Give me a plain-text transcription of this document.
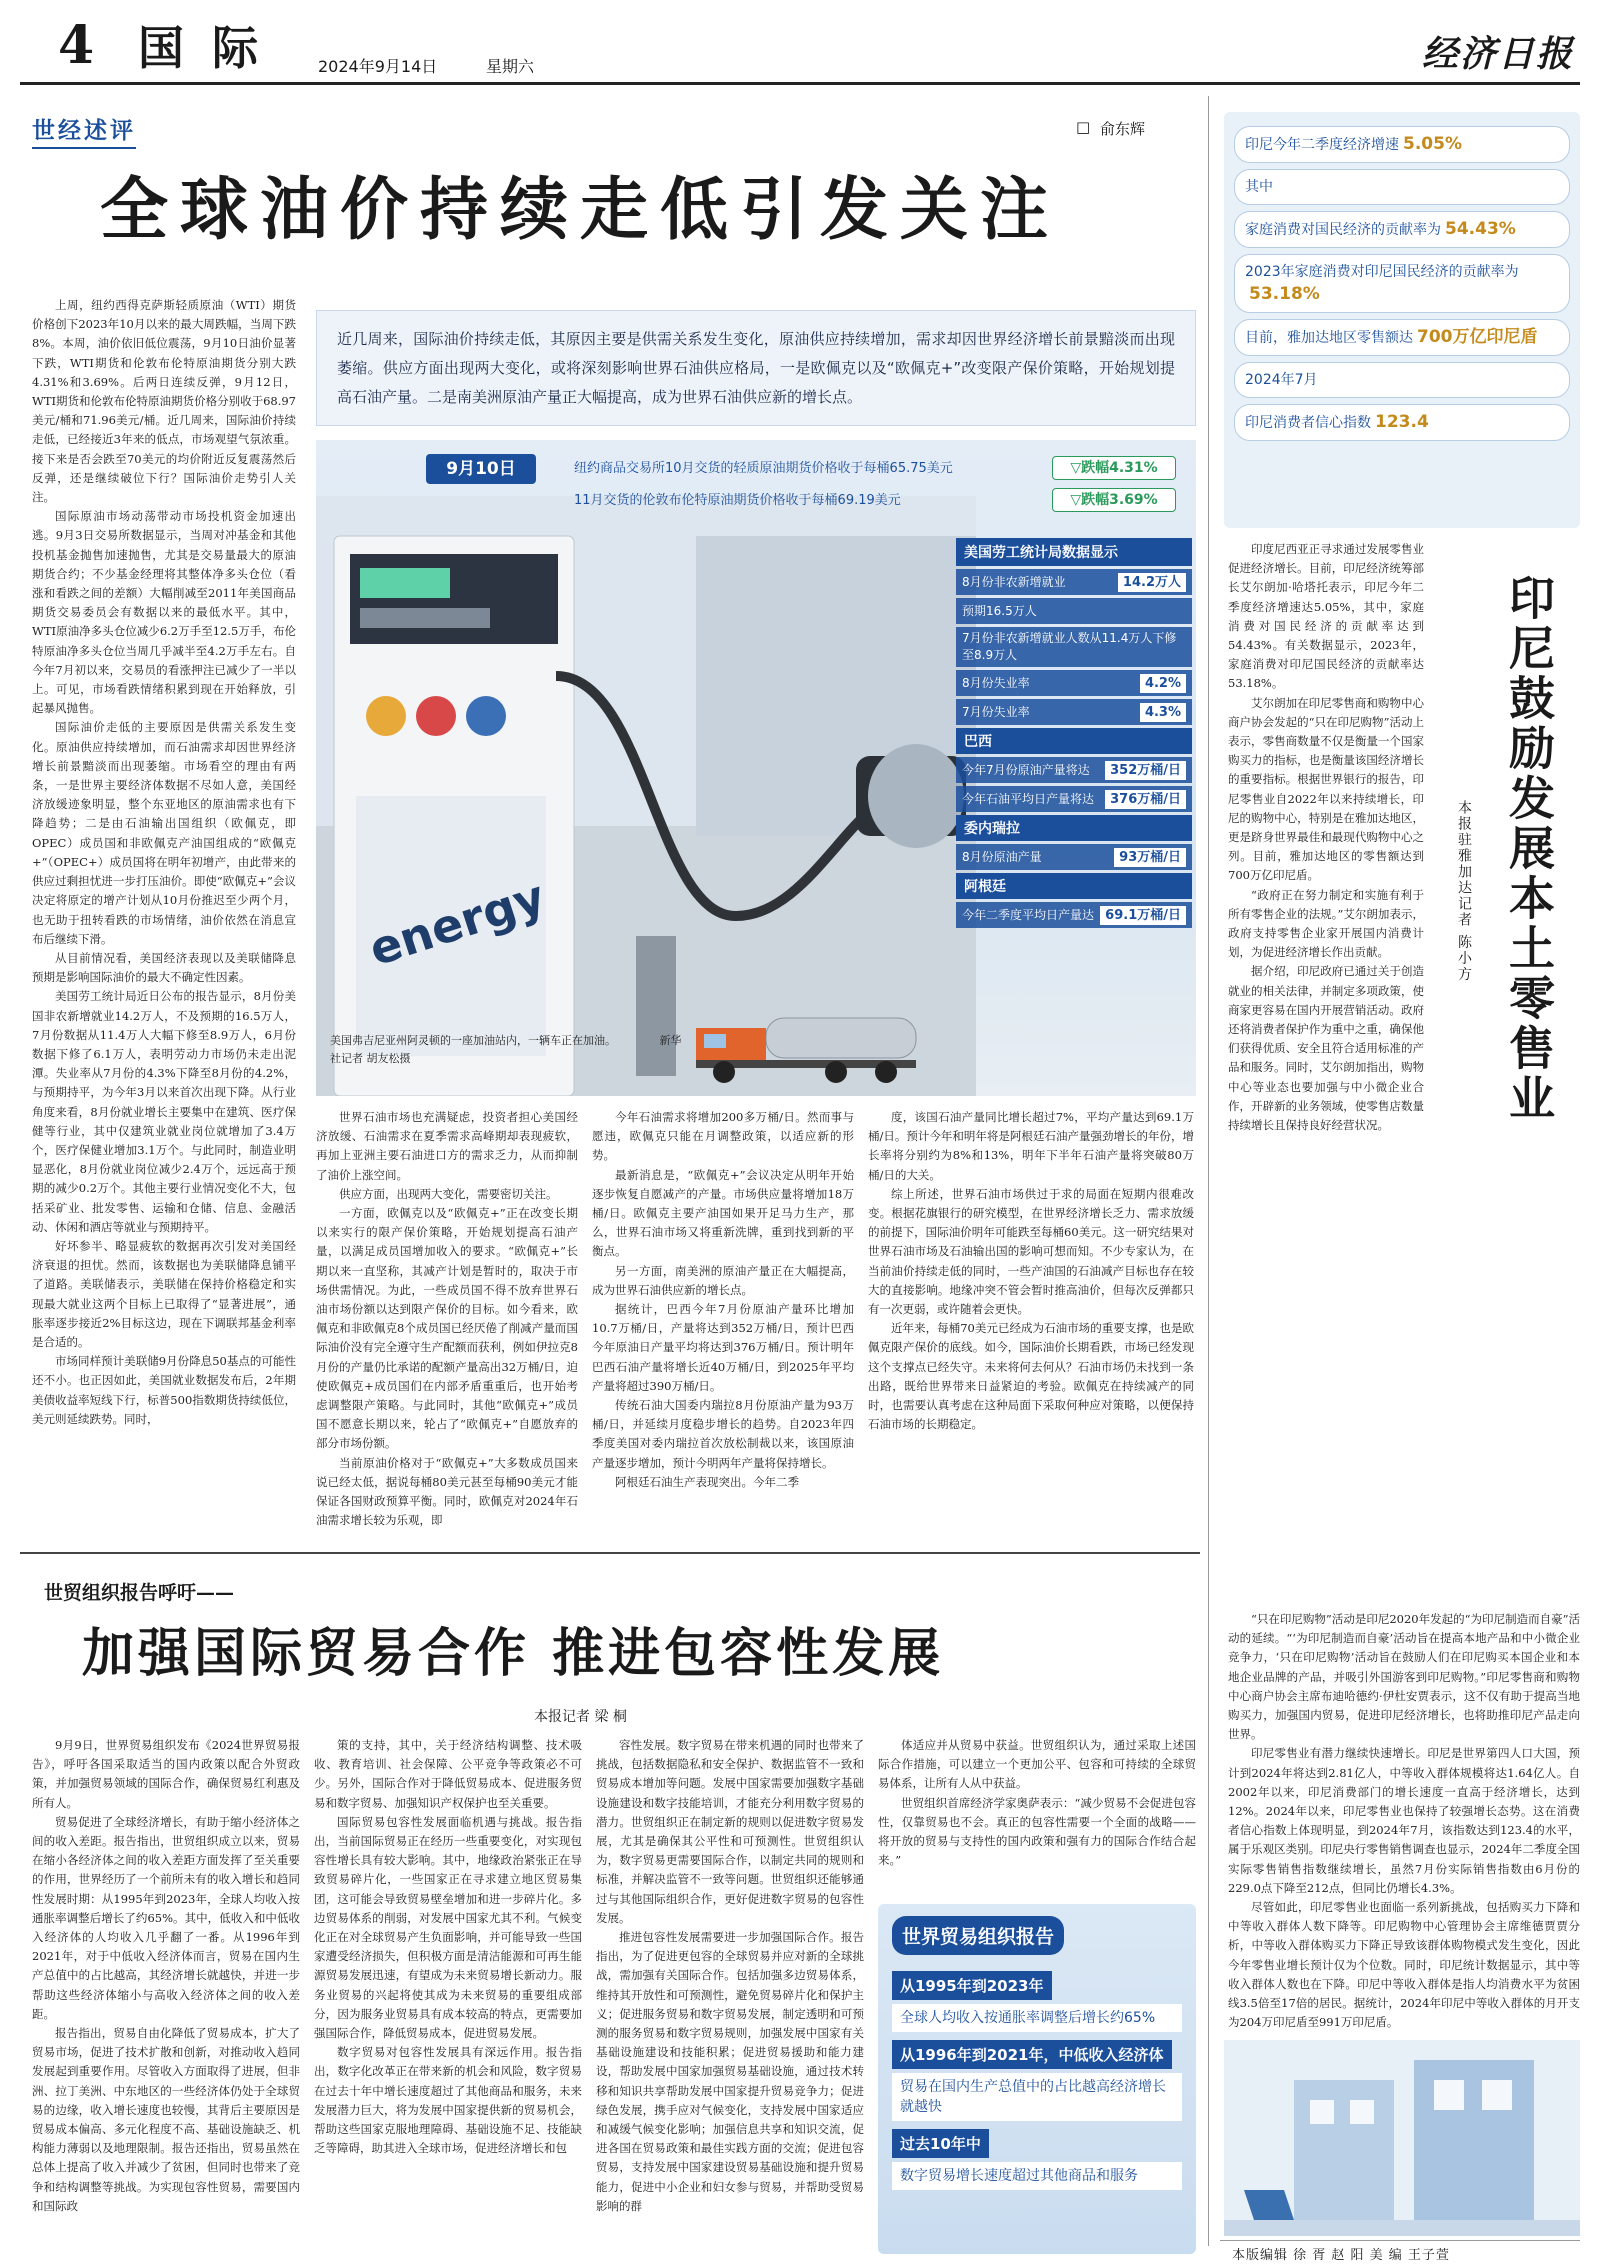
4 国 际	2024年9月14日	星期六	经济日报
世经述评	□ 俞东辉
全球油价持续走低引发关注
近几周来，国际油价持续走低，其原因主要是供需关系发生变化，原油供应持续增加，需求却因世界经济增长前景黯淡而出现萎缩。供应方面出现两大变化，或将深刻影响世界石油供应格局，一是欧佩克以及“欧佩克+”改变限产保价策略，开始规划提高石油产量。二是南美洲原油产量正大幅提高，成为世界石油供应新的增长点。

上周，纽约西得克萨斯轻质原油（WTI）期货价格创下2023年10月以来的最大周跌幅，当周下跌8%。本周，油价依旧低位震荡，9月10日油价显著下跌，WTI期货和伦敦布伦特原油期货分别大跌4.31%和3.69%。后两日连续反弹，9月12日，WTI期货和伦敦布伦特原油期货价格分别收于68.97美元/桶和71.96美元/桶。近几周来，国际油价持续走低，已经接近3年来的低点，市场观望气氛浓重。接下来是否会跌至70美元的均价附近反复震荡然后反弹，还是继续破位下行？国际油价走势引人关注。

国际原油市场动荡带动市场投机资金加速出逃。9月3日交易所数据显示，当周对冲基金和其他投机基金抛售加速抛售，尤其是交易量最大的原油期货合约；不少基金经理将其整体净多头仓位（看涨和看跌之间的差额）大幅削减至2011年美国商品期货交易委员会有数据以来的最低水平。其中，WTI原油净多头仓位减少6.2万手至12.5万手，布伦特原油净多头仓位当周几乎减半至4.2万手左右。自今年7月初以来，交易员的看涨押注已减少了一半以上。可见，市场看跌情绪积累到现在开始释放，引起暴风抛售。

国际油价走低的主要原因是供需关系发生变化。原油供应持续增加，而石油需求却因世界经济增长前景黯淡而出现萎缩。市场看空的理由有两条，一是世界主要经济体数据不尽如人意，美国经济放缓迹象明显，整个东亚地区的原油需求也有下降趋势；二是由石油输出国组织（欧佩克，即OPEC）成员国和非欧佩克产油国组成的“欧佩克+”（OPEC+）成员国将在明年初增产，由此带来的供应过剩担忧进一步打压油价。即使“欧佩克+”会议决定将原定的增产计划从10月份推迟至少两个月，也无助于扭转看跌的市场情绪，油价依然在消息宣布后继续下滑。

从目前情况看，美国经济表现以及美联储降息预期是影响国际油价的最大不确定性因素。

美国劳工统计局近日公布的报告显示，8月份美国非农新增就业14.2万人，不及预期的16.5万人，7月份数据从11.4万人大幅下修至8.9万人，6月份数据下修了6.1万人，表明劳动力市场仍未走出泥潭。失业率从7月份的4.3%下降至8月份的4.2%，与预期持平，为今年3月以来首次出现下降。从行业角度来看，8月份就业增长主要集中在建筑、医疗保健等行业，其中仅建筑业就业岗位就增加了3.4万个，医疗保健业增加3.1万个。与此同时，制造业明显恶化，8月份就业岗位减少2.4万个，远远高于预期的减少0.2万个。其他主要行业情况变化不大，包括采矿业、批发零售、运输和仓储、信息、金融活动、休闲和酒店等就业与预期持平。

好坏参半、略显疲软的数据再次引发对美国经济衰退的担忧。然而，该数据也为美联储降息铺平了道路。美联储表示，美联储在保持价格稳定和实现最大就业这两个目标上已取得了“显著进展”，通胀率逐步接近2%目标这边，现在下调联邦基金利率是合适的。

市场同样预计美联储9月份降息50基点的可能性还不小。也正因如此，美国就业数据发布后，2年期美债收益率短线下行，标普500指数期货持续低位，美元则延续跌势。同时，

energy
9月10日	纽约商品交易所10月交货的轻质原油期货价格收于每桶65.75美元	▽跌幅4.31%
11月交货的伦敦布伦特原油期货价格收于每桶69.19美元	▽跌幅3.69%
美国劳工统计局数据显示
8月份非农新增就业	14.2万人
预期16.5万人
7月份非农新增就业人数从11.4万人下修至8.9万人
8月份失业率	4.2%
7月份失业率	4.3%
巴西
今年7月份原油产量将达	352万桶/日
今年石油平均日产量将达	376万桶/日
委内瑞拉
8月份原油产量	93万桶/日
阿根廷
今年二季度平均日产量达 69.1万桶/日
美国弗吉尼亚州阿灵顿的一座加油站内，一辆车正在加油。	新华社记者 胡友松摄

世界石油市场也充满疑虑，投资者担心美国经济放缓、石油需求在夏季需求高峰期却表现疲软，再加上亚洲主要石油进口方的需求乏力，从而抑制了油价上涨空间。

供应方面，出现两大变化，需要密切关注。

一方面，欧佩克以及“欧佩克+”正在改变长期以来实行的限产保价策略，开始规划提高石油产量，以满足成员国增加收入的要求。“欧佩克+”长期以来一直坚称，其减产计划是暂时的，取决于市场供需情况。为此，一些成员国不得不放弃世界石油市场份额以达到限产保价的目标。如今看来，欧佩克和非欧佩克8个成员国已经厌倦了削减产量而国际油价没有完全遵守生产配额而获利，例如伊拉克8月份的产量仍比承诺的配额产量高出32万桶/日，迫使欧佩克+成员国们在内部矛盾重重后，也开始考虑调整限产策略。与此同时，其他“欧佩克+”成员国不愿意长期以来，轮占了“欧佩克+”自愿放弃的部分市场份额。

当前原油价格对于“欧佩克+”大多数成员国来说已经太低，据说每桶80美元甚至每桶90美元才能保证各国财政预算平衡。同时，欧佩克对2024年石油需求增长较为乐观，即

今年石油需求将增加200多万桶/日。然而事与愿违，欧佩克只能在月调整政策，以适应新的形势。

最新消息是，“欧佩克+”会议决定从明年开始逐步恢复自愿减产的产量。市场供应量将增加18万桶/日。欧佩克主要产油国如果开足马力生产，那么，世界石油市场又将重新洗牌，重到找到新的平衡点。

另一方面，南美洲的原油产量正在大幅提高，成为世界石油供应新的增长点。

据统计，巴西今年7月份原油产量环比增加10.7万桶/日，产量将达到352万桶/日，预计巴西今年原油日产量平均将达到376万桶/日。预计明年巴西石油产量将增长近40万桶/日，到2025年平均产量将超过390万桶/日。

传统石油大国委内瑞拉8月份原油产量为93万桶/日，并延续月度稳步增长的趋势。自2023年四季度美国对委内瑞拉首次放松制裁以来，该国原油产量逐步增加，预计今明两年产量将保持增长。

阿根廷石油生产表现突出。今年二季

度，该国石油产量同比增长超过7%，平均产量达到69.1万桶/日。预计今年和明年将是阿根廷石油产量强劲增长的年份，增长率将分别约为8%和13%，明年下半年石油产量将突破80万桶/日的大关。

综上所述，世界石油市场供过于求的局面在短期内很难改变。根据花旗银行的研究模型，在世界经济增长乏力、需求放缓的前提下，国际油价明年可能跌至每桶60美元。这一研究结果对世界石油市场及石油输出国的影响可想而知。不少专家认为，在当前油价持续走低的同时，一些产油国的石油减产目标也存在较大的直接影响。地缘冲突不管会暂时推高油价，但每次反弹都只有一次更弱，或许随着会更快。

近年来，每桶70美元已经成为石油市场的重要支撑，也是欧佩克限产保价的底线。如今，国际油价长期看跌，市场已经发现这个支撑点已经失守。未来将何去何从？石油市场仍未找到一条出路，既给世界带来日益紧迫的考验。欧佩克在持续减产的同时，也需要认真考虑在这种局面下采取何种应对策略，以便保持石油市场的长期稳定。

印尼今年二季度经济增速 5.05%
其中
家庭消费对国民经济的贡献率为 54.43%
2023年家庭消费对印尼国民经济的贡献率为53.18%
目前，雅加达地区零售额达 700万亿印尼盾
2024年7月
印尼消费者信心指数 123.4
印尼鼓励发展本土零售业
本报驻雅加达记者 陈小方

印度尼西亚正寻求通过发展零售业促进经济增长。目前，印尼经济统筹部长艾尔朗加·哈塔托表示，印尼今年二季度经济增速达5.05%，其中，家庭消费对国民经济的贡献率达到54.43%。有关数据显示，2023年，家庭消费对印尼国民经济的贡献率达53.18%。

艾尔朗加在印尼零售商和购物中心商户协会发起的“只在印尼购物”活动上表示，零售商数量不仅是衡量一个国家购买力的指标，也是衡量该国经济增长的重要指标。根据世界银行的报告，印尼零售业自2022年以来持续增长，印尼的购物中心，特别是在雅加达地区，更是跻身世界最佳和最现代购物中心之列。目前，雅加达地区的零售额达到700万亿印尼盾。

“政府正在努力制定和实施有利于所有零售企业的法规。”艾尔朗加表示，政府支持零售企业家开展国内消费计划，为促进经济增长作出贡献。

据介绍，印尼政府已通过关于创造就业的相关法律，并制定多项政策，使商家更容易在国内开展营销活动。政府还将消费者保护作为重中之重，确保他们获得优质、安全且符合适用标准的产品和服务。同时，艾尔朗加指出，购物中心等业态也要加强与中小微企业合作，开辟新的业务领域，使零售店数量持续增长且保持良好经营状况。

“只在印尼购物”活动是印尼2020年发起的“为印尼制造而自豪”活动的延续。“‘为印尼制造而自豪’活动旨在提高本地产品和中小微企业竞争力，‘只在印尼购物’活动旨在鼓励人们在印尼购买本国企业和本地企业品牌的产品，并吸引外国游客到印尼购物。”印尼零售商和购物中心商户协会主席布迪哈德约·伊杜安贾表示，这不仅有助于提高当地购买力，加强国内贸易，促进印尼经济增长，也将助推印尼产品走向世界。

印尼零售业有潜力继续快速增长。印尼是世界第四人口大国，预计到2024年将达到2.81亿人，中等收入群体规模将达1.64亿人。自2002年以来，印尼消费部门的增长速度一直高于经济增长，达到12%。2024年以来，印尼零售业也保持了较强增长态势。这在消费者信心指数上体现明显，到2024年7月，该指数达到123.4的水平，属于乐观区类别。印尼央行零售销售调查也显示，2024年二季度全国实际零售销售指数继续增长，虽然7月份实际销售指数由6月份的229.0点下降至212点，但同比仍增长4.3%。

尽管如此，印尼零售业也面临一系列新挑战，包括购买力下降和中等收入群体人数下降等。印尼购物中心管理协会主席维德贾贾分析，中等收入群体购买力下降正导致该群体购物模式发生变化，因此今年零售业增长预计仅为个位数。同时，印尼统计数据显示，其中等收入群体人数也在下降。印尼中等收入群体是指人均消费水平为贫困线3.5倍至17倍的居民。据统计，2024年印尼中等收入群体的月开支为204万印尼盾至991万印尼盾。

世贸组织报告呼吁——
加强国际贸易合作 推进包容性发展
本报记者 梁 桐

9月9日，世界贸易组织发布《2024世界贸易报告》，呼吁各国采取适当的国内政策以配合外贸政策，并加强贸易领域的国际合作，确保贸易红利惠及所有人。

贸易促进了全球经济增长，有助于缩小经济体之间的收入差距。报告指出，世贸组织成立以来，贸易在缩小各经济体之间的收入差距方面发挥了至关重要的作用，世界经历了一个前所未有的收入增长和趋同性发展时期：从1995年到2023年，全球人均收入按通胀率调整后增长了约65%。其中，低收入和中低收入经济体的人均收入几乎翻了一番。从1996年到2021年，对于中低收入经济体而言，贸易在国内生产总值中的占比越高，其经济增长就越快，并进一步帮助这些经济体缩小与高收入经济体之间的收入差距。

报告指出，贸易自由化降低了贸易成本，扩大了贸易市场，促进了技术扩散和创新，对推动收入趋同发展起到重要作用。尽管收入方面取得了进展，但非洲、拉丁美洲、中东地区的一些经济体仍处于全球贸易的边缘，收入增长速度也较慢，其背后主要原因是贸易成本偏高、多元化程度不高、基础设施缺乏、机构能力薄弱以及地理限制。报告还指出，贸易虽然在总体上提高了收入并减少了贫困，但同时也带来了竞争和结构调整等挑战。为实现包容性贸易，需要国内和国际政

策的支持，其中，关于经济结构调整、技术吸收、教育培训、社会保障、公平竞争等政策必不可少。另外，国际合作对于降低贸易成本、促进服务贸易和数字贸易、加强知识产权保护也至关重要。

国际贸易包容性发展面临机遇与挑战。报告指出，当前国际贸易正在经历一些重要变化，对实现包容性增长具有较大影响。其中，地缘政治紧张正在导致贸易碎片化，一些国家正在寻求建立地区贸易集团，这可能会导致贸易壁垒增加和进一步碎片化。多边贸易体系的削弱，对发展中国家尤其不利。气候变化正在对全球贸易产生负面影响，并可能导致一些国家遭受经济损失，但积极方面是清洁能源和可再生能源贸易发展迅速，有望成为未来贸易增长新动力。服务业贸易的兴起将使其成为未来贸易的重要组成部分，因为服务业贸易具有成本较高的特点，更需要加强国际合作，降低贸易成本，促进贸易发展。

数字贸易对包容性发展具有深远作用。报告指出，数字化改革正在带来新的机会和风险，数字贸易在过去十年中增长速度超过了其他商品和服务，未来发展潜力巨大，将为发展中国家提供新的贸易机会，帮助这些国家克服地理障碍、基础设施不足、技能缺乏等障碍，助其进入全球市场，促进经济增长和包

容性发展。数字贸易在带来机遇的同时也带来了挑战，包括数据隐私和安全保护、数据监管不一致和贸易成本增加等问题。发展中国家需要加强数字基础设施建设和数字技能培训，才能充分利用数字贸易的潜力。世贸组织正在制定新的规则以促进数字贸易发展，尤其是确保其公平性和可预测性。世贸组织认为，数字贸易更需要国际合作，以制定共同的规则和标准，并解决监管不一致等问题。世贸组织还能够通过与其他国际组织合作，更好促进数字贸易的包容性发展。

推进包容性发展需要进一步加强国际合作。报告指出，为了促进更包容的全球贸易并应对新的全球挑战，需加强有关国际合作。包括加强多边贸易体系，维持其开放性和可预测性，避免贸易碎片化和保护主义；促进服务贸易和数字贸易发展，制定透明和可预测的服务贸易和数字贸易规则，加强发展中国家有关基础设施建设和技能积累；促进贸易援助和能力建设，帮助发展中国家加强贸易基础设施，通过技术转移和知识共享帮助发展中国家提升贸易竞争力；促进绿色发展，携手应对气候变化，支持发展中国家适应和减缓气候变化影响；加强信息共享和知识交流，促进各国在贸易政策和最佳实践方面的交流；促进包容贸易，支持发展中国家建设贸易基础设施和提升贸易能力，促进中小企业和妇女参与贸易，并帮助受贸易影响的群

体适应并从贸易中获益。世贸组织认为，通过采取上述国际合作措施，可以建立一个更加公平、包容和可持续的全球贸易体系，让所有人从中获益。

世贸组织首席经济学家奥萨表示：“减少贸易不会促进包容性，仅靠贸易也不会。真正的包容性需要一个全面的战略——将开放的贸易与支持性的国内政策和强有力的国际合作结合起来。”

世界贸易组织报告
从1995年到2023年
全球人均收入按通胀率调整后增长约65%
从1996年到2021年，中低收入经济体
贸易在国内生产总值中的占比越高经济增长就越快
过去10年中
数字贸易增长速度超过其他商品和服务
本版编辑 徐 胥 赵 阳 美 编 王子萱
